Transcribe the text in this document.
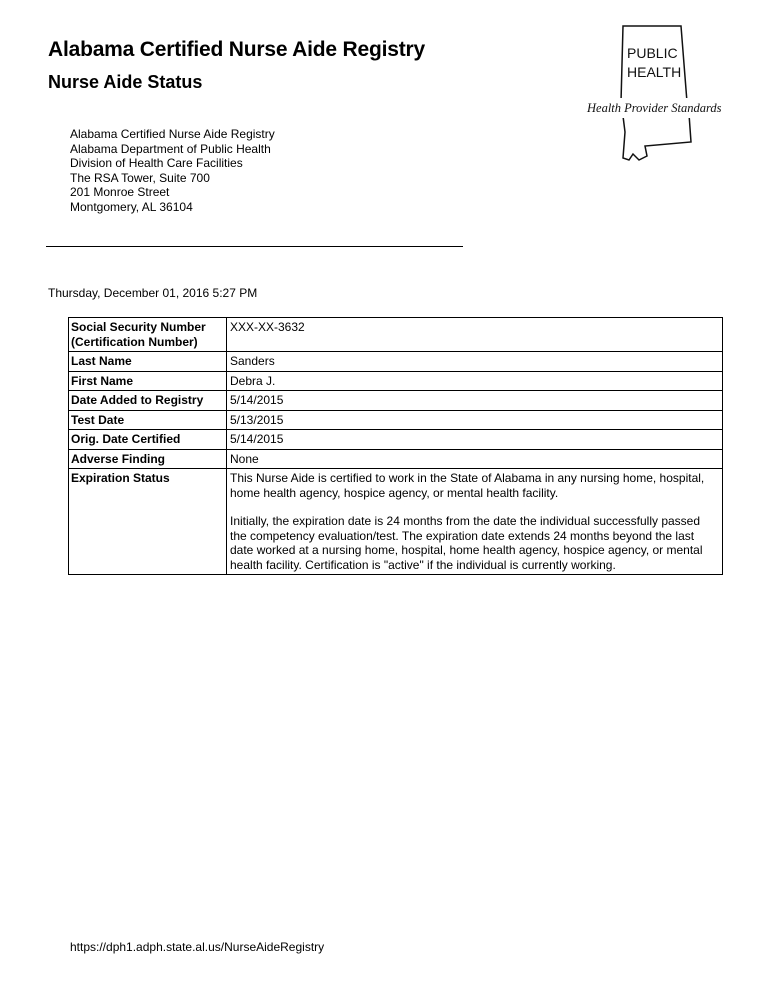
Alabama Certified Nurse Aide Registry
Nurse Aide Status
Alabama Certified Nurse Aide Registry
Alabama Department of Public Health
Division of Health Care Facilities
The RSA Tower, Suite 700
201 Monroe Street
Montgomery, AL 36104
PUBLIC
HEALTH
Health Provider Standards
Thursday, December 01, 2016 5:27 PM
Social Security Number
(Certification Number)	XXX-XX-3632
Last Name	Sanders
First Name	Debra J.
Date Added to Registry	5/14/2015
Test Date	5/13/2015
Orig. Date Certified	5/14/2015
Adverse Finding	None
Expiration Status	This Nurse Aide is certified to work in the State of Alabama in any nursing home, hospital, home health agency, hospice agency, or mental health facility.

Initially, the expiration date is 24 months from the date the individual successfully passed the competency evaluation/test. The expiration date extends 24 months beyond the last date worked at a nursing home, hospital, home health agency, hospice agency, or mental health facility. Certification is "active" if the individual is currently working.

https://dph1.adph.state.al.us/NurseAideRegistry
